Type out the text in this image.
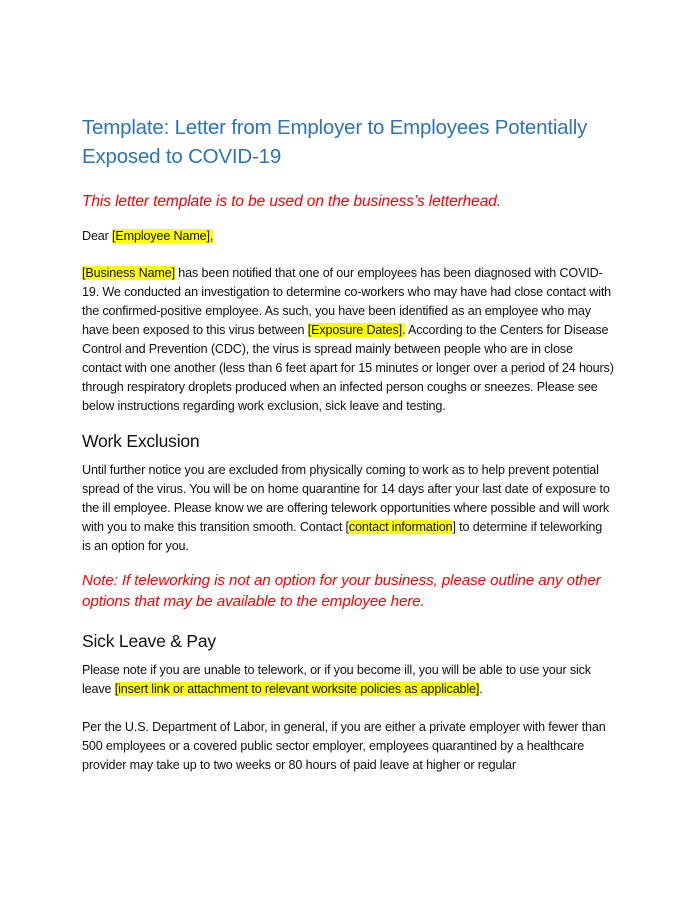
Template: Letter from Employer to Employees Potentially Exposed to COVID-19

This letter template is to be used on the business’s letterhead.

Dear [Employee Name],

[Business Name] has been notified that one of our employees has been diagnosed with COVID-19. We conducted an investigation to determine co-workers who may have had close contact with the confirmed-positive employee. As such, you have been identified as an employee who may have been exposed to this virus between [Exposure Dates]. According to the Centers for Disease Control and Prevention (CDC), the virus is spread mainly between people who are in close contact with one another (less than 6 feet apart for 15 minutes or longer over a period of 24 hours) through respiratory droplets produced when an infected person coughs or sneezes. Please see below instructions regarding work exclusion, sick leave and testing.

Work Exclusion

Until further notice you are excluded from physically coming to work as to help prevent potential spread of the virus. You will be on home quarantine for 14 days after your last date of exposure to the ill employee. Please know we are offering telework opportunities where possible and will work with you to make this transition smooth. Contact [contact information] to determine if teleworking is an option for you.

Note: If teleworking is not an option for your business, please outline any other options that may be available to the employee here.

Sick Leave & Pay

Please note if you are unable to telework, or if you become ill, you will be able to use your sick leave [insert link or attachment to relevant worksite policies as applicable].

Per the U.S. Department of Labor, in general, if you are either a private employer with fewer than 500 employees or a covered public sector employer, employees quarantined by a healthcare provider may take up to two weeks or 80 hours of paid leave at higher or regular
